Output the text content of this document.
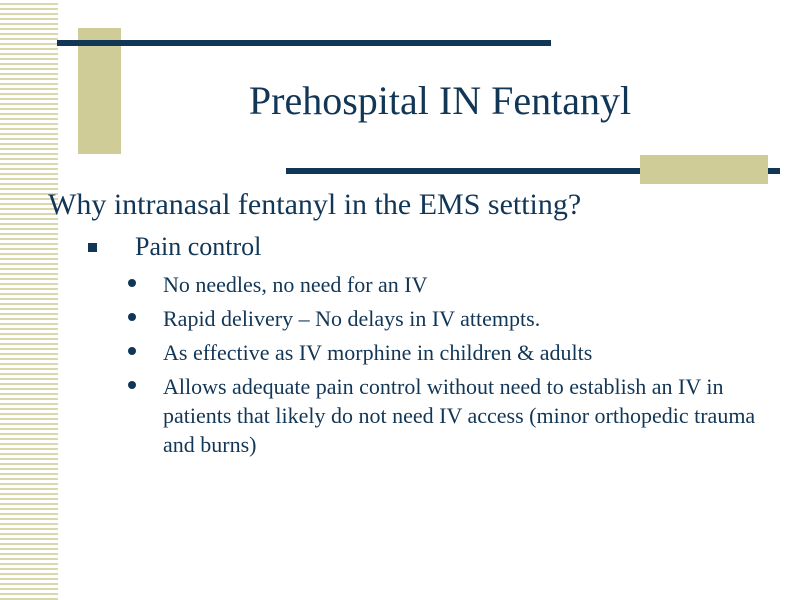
Prehospital IN Fentanyl

Why intranasal fentanyl in the EMS setting?

Pain control
No needles, no need for an IV
Rapid delivery – No delays in IV attempts.
As effective as IV morphine in children & adults
Allows adequate pain control without need to establish an IV in patients that likely do not need IV access (minor orthopedic trauma and burns)
